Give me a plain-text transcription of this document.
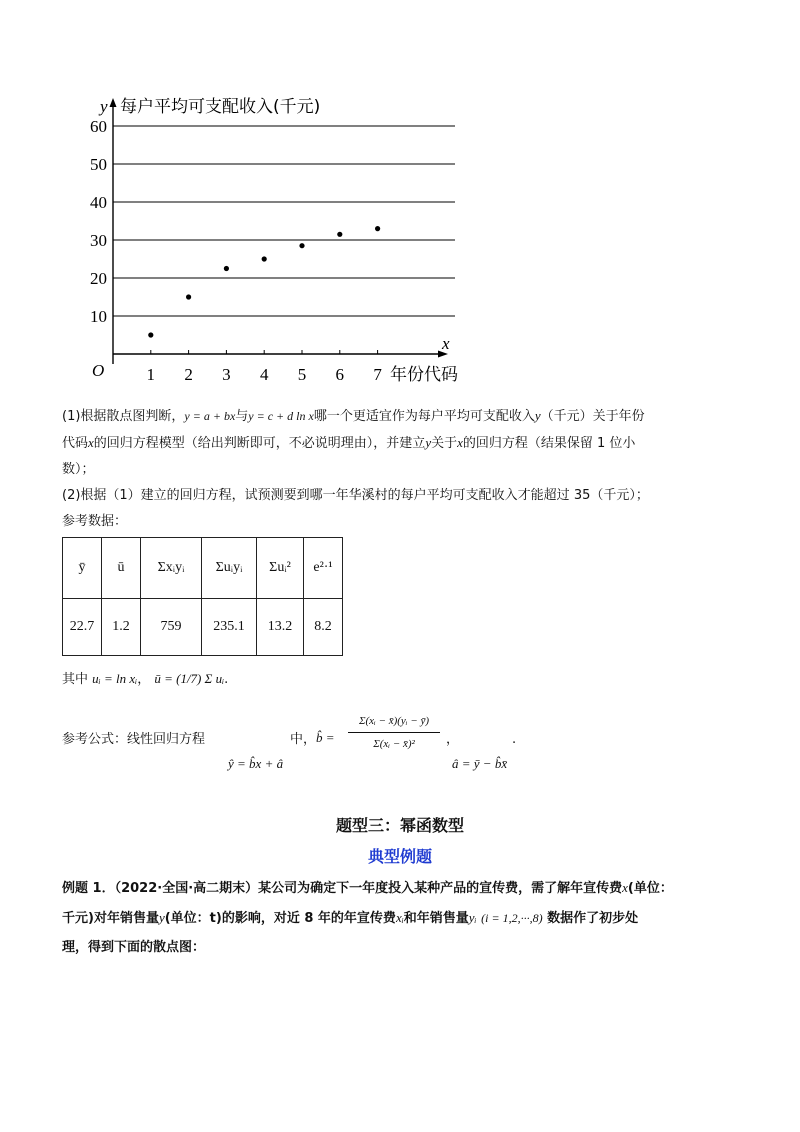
y 每户平均可支配收入(千元)
x
年份代码
O
10
20
30
40
50
60
1 2 3 4 5 6 7
(1)根据散点图判断，y = a + bx与y = c + d ln x哪一个更适宜作为每户平均可支配收入y（千元）关于年份
代码x的回归方程模型（给出判断即可，不必说明理由），并建立y关于x的回归方程（结果保留 1 位小
数）；
(2)根据（1）建立的回归方程，试预测要到哪一年华溪村的每户平均可支配收入才能超过 35（千元）；
参考数据：
ȳ	ū	Σxᵢyᵢ	Σuᵢyᵢ	Σuᵢ²	e²·¹
22.7	1.2	759	235.1	13.2	8.2
其中 uᵢ = ln xᵢ， ū = (1/7) Σ uᵢ.
参考公式：线性回归方程
ŷ = b̂x + â
中， b̂ =
Σ(xᵢ − x̄)(yᵢ − ȳ)
Σ(xᵢ − x̄)²	，
â = ȳ − b̂x̄
.
题型三：幂函数型
典型例题
例题 1．（2022·全国·高二期末）某公司为确定下一年度投入某种产品的宣传费，需了解年宣传费x(单位：
千元)对年销售量y(单位：t)的影响，对近 8 年的年宣传费xᵢ和年销售量yᵢ (i = 1,2,···,8) 数据作了初步处
理，得到下面的散点图：
